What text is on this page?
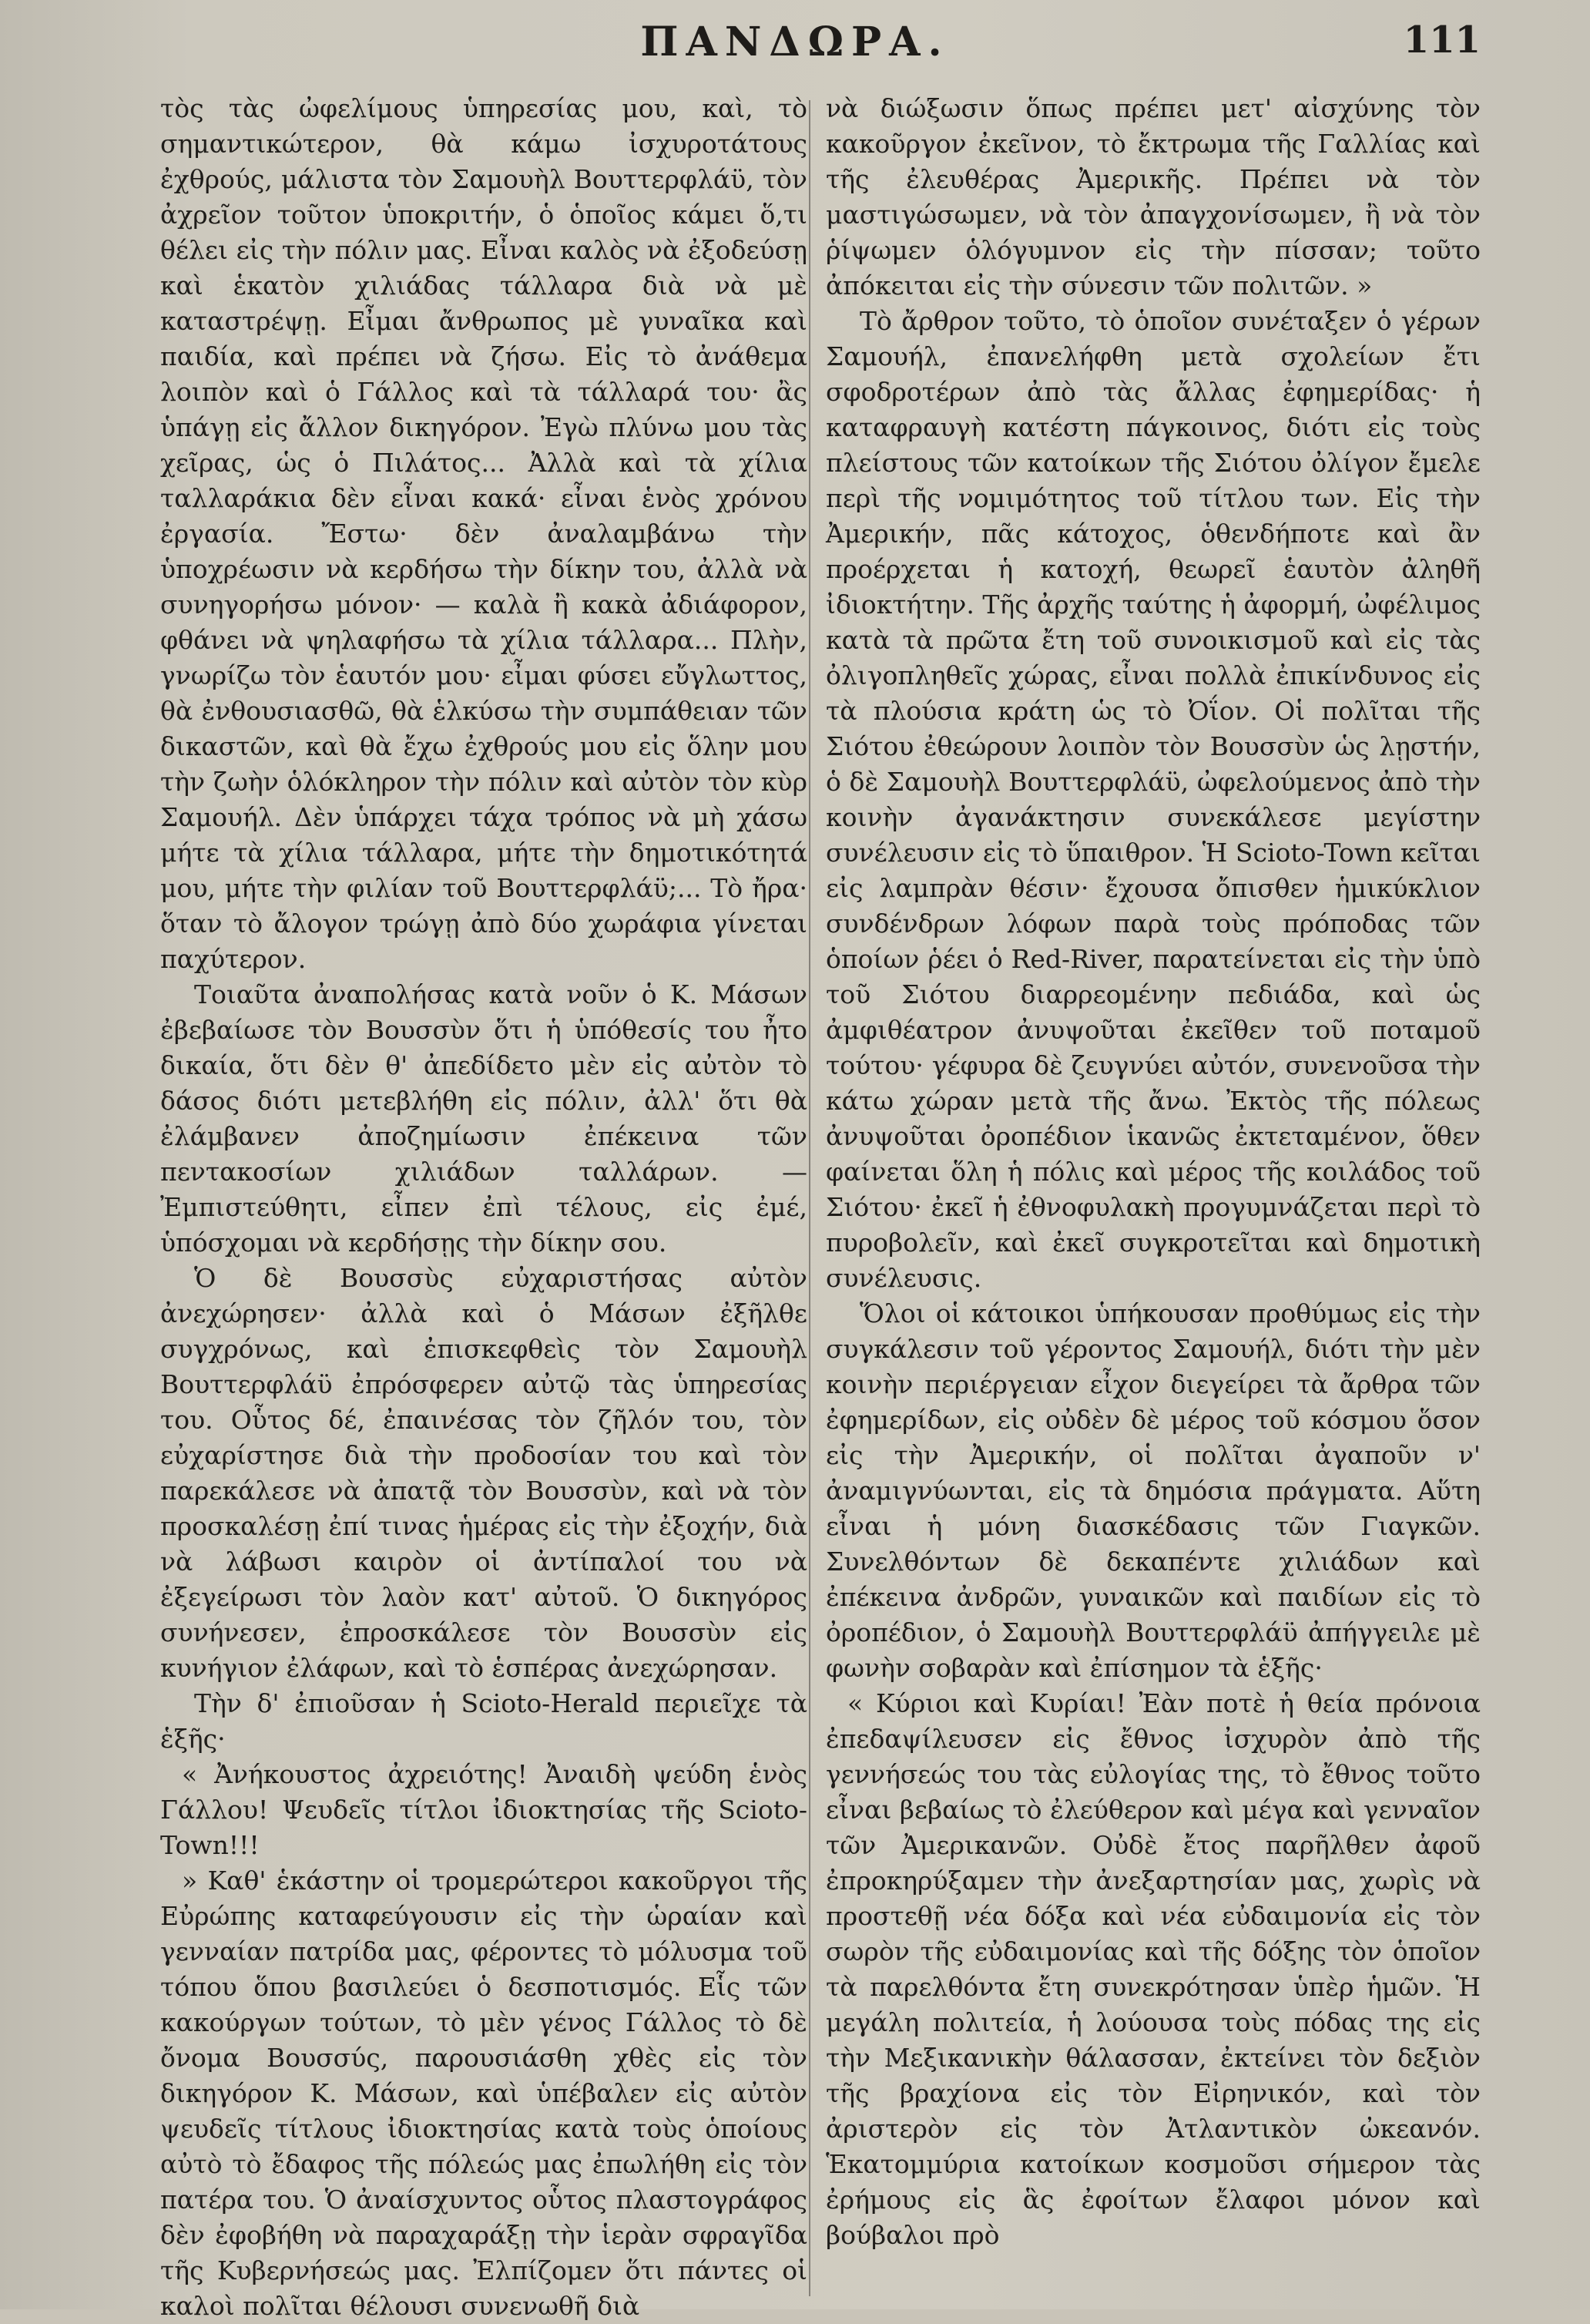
ΠΑΝΔΩΡΑ.	111

τὸς τὰς ὠφελίμους ὑπηρεσίας μου, καὶ, τὸ σημαντικώτερον, θὰ κάμω ἰσχυροτάτους ἐχθρούς, μάλιστα τὸν Σαμουὴλ Βουττερφλάϋ, τὸν ἀχρεῖον τοῦτον ὑποκριτήν, ὁ ὁποῖος κάμει ὅ,τι θέλει εἰς τὴν πόλιν μας. Εἶναι καλὸς νὰ ἐξοδεύσῃ καὶ ἑκατὸν χιλιάδας τάλλαρα διὰ νὰ μὲ καταστρέψῃ. Εἶμαι ἄνθρωπος μὲ γυναῖκα καὶ παιδία, καὶ πρέπει νὰ ζήσω. Εἰς τὸ ἀνάθεμα λοιπὸν καὶ ὁ Γάλλος καὶ τὰ τάλλαρά του· ἂς ὑπάγῃ εἰς ἄλλον δικηγόρον. Ἐγὼ πλύνω μου τὰς χεῖρας, ὡς ὁ Πιλάτος... Ἀλλὰ καὶ τὰ χίλια ταλλαράκια δὲν εἶναι κακά· εἶναι ἑνὸς χρόνου ἐργασία. Ἔστω· δὲν ἀναλαμβάνω τὴν ὑποχρέωσιν νὰ κερδήσω τὴν δίκην του, ἀλλὰ νὰ συνηγορήσω μόνον· — καλὰ ἢ κακὰ ἀδιάφορον, φθάνει νὰ ψηλαφήσω τὰ χίλια τάλλαρα... Πλὴν, γνωρίζω τὸν ἑαυτόν μου· εἶμαι φύσει εὔγλωττος, θὰ ἐνθουσιασθῶ, θὰ ἑλκύσω τὴν συμπάθειαν τῶν δικαστῶν, καὶ θὰ ἔχω ἐχθρούς μου εἰς ὅλην μου τὴν ζωὴν ὁλόκληρον τὴν πόλιν καὶ αὐτὸν τὸν κὺρ Σαμουήλ. Δὲν ὑπάρχει τάχα τρόπος νὰ μὴ χάσω μήτε τὰ χίλια τάλλαρα, μήτε τὴν δημοτικότητά μου, μήτε τὴν φιλίαν τοῦ Βουττερφλάϋ;... Τὸ ἤρα· ὅταν τὸ ἄλογον τρώγῃ ἀπὸ δύο χωράφια γίνεται παχύτερον.

Τοιαῦτα ἀναπολήσας κατὰ νοῦν ὁ Κ. Μάσων ἐβεβαίωσε τὸν Βουσσὺν ὅτι ἡ ὑπόθεσίς του ἦτο δικαία, ὅτι δὲν θ' ἀπεδίδετο μὲν εἰς αὐτὸν τὸ δάσος διότι μετεβλήθη εἰς πόλιν, ἀλλ' ὅτι θὰ ἐλάμβανεν ἀποζημίωσιν ἐπέκεινα τῶν πεντακοσίων χιλιάδων ταλλάρων. — Ἐμπιστεύθητι, εἶπεν ἐπὶ τέλους, εἰς ἐμέ, ὑπόσχομαι νὰ κερδήσῃς τὴν δίκην σου.

Ὁ δὲ Βουσσὺς εὐχαριστήσας αὐτὸν ἀνεχώρησεν· ἀλλὰ καὶ ὁ Μάσων ἐξῆλθε συγχρόνως, καὶ ἐπισκεφθεὶς τὸν Σαμουὴλ Βουττερφλάϋ ἐπρόσφερεν αὐτῷ τὰς ὑπηρεσίας του. Οὗτος δέ, ἐπαινέσας τὸν ζῆλόν του, τὸν εὐχαρίστησε διὰ τὴν προδοσίαν του καὶ τὸν παρεκάλεσε νὰ ἀπατᾷ τὸν Βουσσὺν, καὶ νὰ τὸν προσκαλέσῃ ἐπί τινας ἡμέρας εἰς τὴν ἐξοχήν, διὰ νὰ λάβωσι καιρὸν οἱ ἀντίπαλοί του νὰ ἐξεγείρωσι τὸν λαὸν κατ' αὐτοῦ. Ὁ δικηγόρος συνήνεσεν, ἐπροσκάλεσε τὸν Βουσσὺν εἰς κυνήγιον ἐλάφων, καὶ τὸ ἑσπέρας ἀνεχώρησαν.

Τὴν δ' ἐπιοῦσαν ἡ Scioto-Herald περιεῖχε τὰ ἑξῆς·

« Ἀνήκουστος ἀχρειότης! Ἀναιδὴ ψεύδη ἑνὸς Γάλλου! Ψευδεῖς τίτλοι ἰδιοκτησίας τῆς Scioto-Town!!!

» Καθ' ἑκάστην οἱ τρομερώτεροι κακοῦργοι τῆς Εὐρώπης καταφεύγουσιν εἰς τὴν ὡραίαν καὶ γενναίαν πατρίδα μας, φέροντες τὸ μόλυσμα τοῦ τόπου ὅπου βασιλεύει ὁ δεσποτισμός. Εἷς τῶν κακούργων τούτων, τὸ μὲν γένος Γάλλος τὸ δὲ ὄνομα Βουσσύς, παρουσιάσθη χθὲς εἰς τὸν δικηγόρον Κ. Μάσων, καὶ ὑπέβαλεν εἰς αὐτὸν ψευδεῖς τίτλους ἰδιοκτησίας κατὰ τοὺς ὁποίους αὐτὸ τὸ ἔδαφος τῆς πόλεώς μας ἐπωλήθη εἰς τὸν πατέρα του. Ὁ ἀναίσχυντος οὗτος πλαστογράφος δὲν ἐφοβήθη νὰ παραχαράξῃ τὴν ἱερὰν σφραγῖδα τῆς Κυβερνήσεώς μας. Ἐλπίζομεν ὅτι πάντες οἱ καλοὶ πολῖται θέλουσι συνενωθῆ διὰ

νὰ διώξωσιν ὅπως πρέπει μετ' αἰσχύνης τὸν κακοῦργον ἐκεῖνον, τὸ ἔκτρωμα τῆς Γαλλίας καὶ τῆς ἐλευθέρας Ἀμερικῆς. Πρέπει νὰ τὸν μαστιγώσωμεν, νὰ τὸν ἀπαγχονίσωμεν, ἢ νὰ τὸν ῥίψωμεν ὁλόγυμνον εἰς τὴν πίσσαν; τοῦτο ἀπόκειται εἰς τὴν σύνεσιν τῶν πολιτῶν. »

Τὸ ἄρθρον τοῦτο, τὸ ὁποῖον συνέταξεν ὁ γέρων Σαμουήλ, ἐπανελήφθη μετὰ σχολείων ἔτι σφοδροτέρων ἀπὸ τὰς ἄλλας ἐφημερίδας· ἡ καταφραυγὴ κατέστη πάγκοινος, διότι εἰς τοὺς πλείστους τῶν κατοίκων τῆς Σιότου ὀλίγον ἔμελε περὶ τῆς νομιμότητος τοῦ τίτλου των. Εἰς τὴν Ἀμερικήν, πᾶς κάτοχος, ὁθενδήποτε καὶ ἂν προέρχεται ἡ κατοχή, θεωρεῖ ἑαυτὸν ἀληθῆ ἰδιοκτήτην. Τῆς ἀρχῆς ταύτης ἡ ἀφορμή, ὠφέλιμος κατὰ τὰ πρῶτα ἔτη τοῦ συνοικισμοῦ καὶ εἰς τὰς ὀλιγοπληθεῖς χώρας, εἶναι πολλὰ ἐπικίνδυνος εἰς τὰ πλούσια κράτη ὡς τὸ Ὀΐον. Οἱ πολῖται τῆς Σιότου ἐθεώρουν λοιπὸν τὸν Βουσσὺν ὡς λῃστήν, ὁ δὲ Σαμουὴλ Βουττερφλάϋ, ὠφελούμενος ἀπὸ τὴν κοινὴν ἀγανάκτησιν συνεκάλεσε μεγίστην συνέλευσιν εἰς τὸ ὕπαιθρον. Ἡ Scioto-Town κεῖται εἰς λαμπρὰν θέσιν· ἔχουσα ὄπισθεν ἡμικύκλιον συνδένδρων λόφων παρὰ τοὺς πρόποδας τῶν ὁποίων ῥέει ὁ Red-River, παρατείνεται εἰς τὴν ὑπὸ τοῦ Σιότου διαρρεομένην πεδιάδα, καὶ ὡς ἀμφιθέατρον ἀνυψοῦται ἐκεῖθεν τοῦ ποταμοῦ τούτου· γέφυρα δὲ ζευγνύει αὐτόν, συνενοῦσα τὴν κάτω χώραν μετὰ τῆς ἄνω. Ἐκτὸς τῆς πόλεως ἀνυψοῦται ὀροπέδιον ἱκανῶς ἐκτεταμένον, ὅθεν φαίνεται ὅλη ἡ πόλις καὶ μέρος τῆς κοιλάδος τοῦ Σιότου· ἐκεῖ ἡ ἐθνοφυλακὴ προγυμνάζεται περὶ τὸ πυροβολεῖν, καὶ ἐκεῖ συγκροτεῖται καὶ δημοτικὴ συνέλευσις.

Ὅλοι οἱ κάτοικοι ὑπήκουσαν προθύμως εἰς τὴν συγκάλεσιν τοῦ γέροντος Σαμουήλ, διότι τὴν μὲν κοινὴν περιέργειαν εἶχον διεγείρει τὰ ἄρθρα τῶν ἐφημερίδων, εἰς οὐδὲν δὲ μέρος τοῦ κόσμου ὅσον εἰς τὴν Ἀμερικήν, οἱ πολῖται ἀγαποῦν ν' ἀναμιγνύωνται, εἰς τὰ δημόσια πράγματα. Αὕτη εἶναι ἡ μόνη διασκέδασις τῶν Γιαγκῶν. Συνελθόντων δὲ δεκαπέντε χιλιάδων καὶ ἐπέκεινα ἀνδρῶν, γυναικῶν καὶ παιδίων εἰς τὸ ὀροπέδιον, ὁ Σαμουὴλ Βουττερφλάϋ ἀπήγγειλε μὲ φωνὴν σοβαρὰν καὶ ἐπίσημον τὰ ἑξῆς·

« Κύριοι καὶ Κυρίαι! Ἐὰν ποτὲ ἡ θεία πρόνοια ἐπεδαψίλευσεν εἰς ἔθνος ἰσχυρὸν ἀπὸ τῆς γεννήσεώς του τὰς εὐλογίας της, τὸ ἔθνος τοῦτο εἶναι βεβαίως τὸ ἐλεύθερον καὶ μέγα καὶ γενναῖον τῶν Ἀμερικανῶν. Οὐδὲ ἔτος παρῆλθεν ἀφοῦ ἐπροκηρύξαμεν τὴν ἀνεξαρτησίαν μας, χωρὶς νὰ προστεθῇ νέα δόξα καὶ νέα εὐδαιμονία εἰς τὸν σωρὸν τῆς εὐδαιμονίας καὶ τῆς δόξης τὸν ὁποῖον τὰ παρελθόντα ἔτη συνεκρότησαν ὑπὲρ ἡμῶν. Ἡ μεγάλη πολιτεία, ἡ λούουσα τοὺς πόδας της εἰς τὴν Μεξικανικὴν θάλασσαν, ἐκτείνει τὸν δεξιὸν τῆς βραχίονα εἰς τὸν Εἰρηνικόν, καὶ τὸν ἀριστερὸν εἰς τὸν Ἀτλαντικὸν ὠκεανόν. Ἑκατομμύρια κατοίκων κοσμοῦσι σήμερον τὰς ἐρήμους εἰς ἃς ἐφοίτων ἔλαφοι μόνον καὶ βούβαλοι πρὸ
